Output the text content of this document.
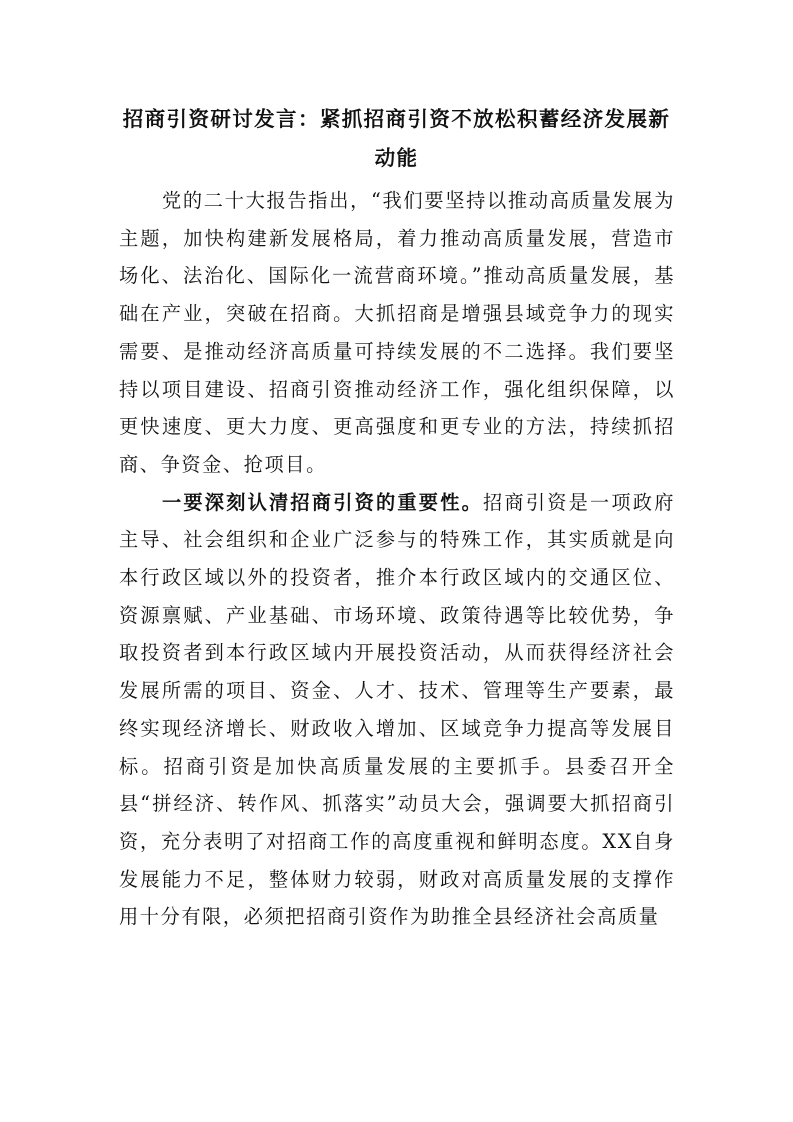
招商引资研讨发言：紧抓招商引资不放松积蓄经济发展新动能

党的二十大报告指出，“我们要坚持以推动高质量发展为主题，加快构建新发展格局，着力推动高质量发展，营造市场化、法治化、国际化一流营商环境。”推动高质量发展，基础在产业，突破在招商。大抓招商是增强县域竞争力的现实需要、是推动经济高质量可持续发展的不二选择。我们要坚持以项目建设、招商引资推动经济工作，强化组织保障，以更快速度、更大力度、更高强度和更专业的方法，持续抓招商、争资金、抢项目。

一要深刻认清招商引资的重要性。招商引资是一项政府主导、社会组织和企业广泛参与的特殊工作，其实质就是向本行政区域以外的投资者，推介本行政区域内的交通区位、资源禀赋、产业基础、市场环境、政策待遇等比较优势，争取投资者到本行政区域内开展投资活动，从而获得经济社会发展所需的项目、资金、人才、技术、管理等生产要素，最终实现经济增长、财政收入增加、区域竞争力提高等发展目标。招商引资是加快高质量发展的主要抓手。县委召开全县“拼经济、转作风、抓落实”动员大会，强调要大抓招商引资，充分表明了对招商工作的高度重视和鲜明态度。XX自身发展能力不足，整体财力较弱，财政对高质量发展的支撑作用十分有限，必须把招商引资作为助推全县经济社会高质量
